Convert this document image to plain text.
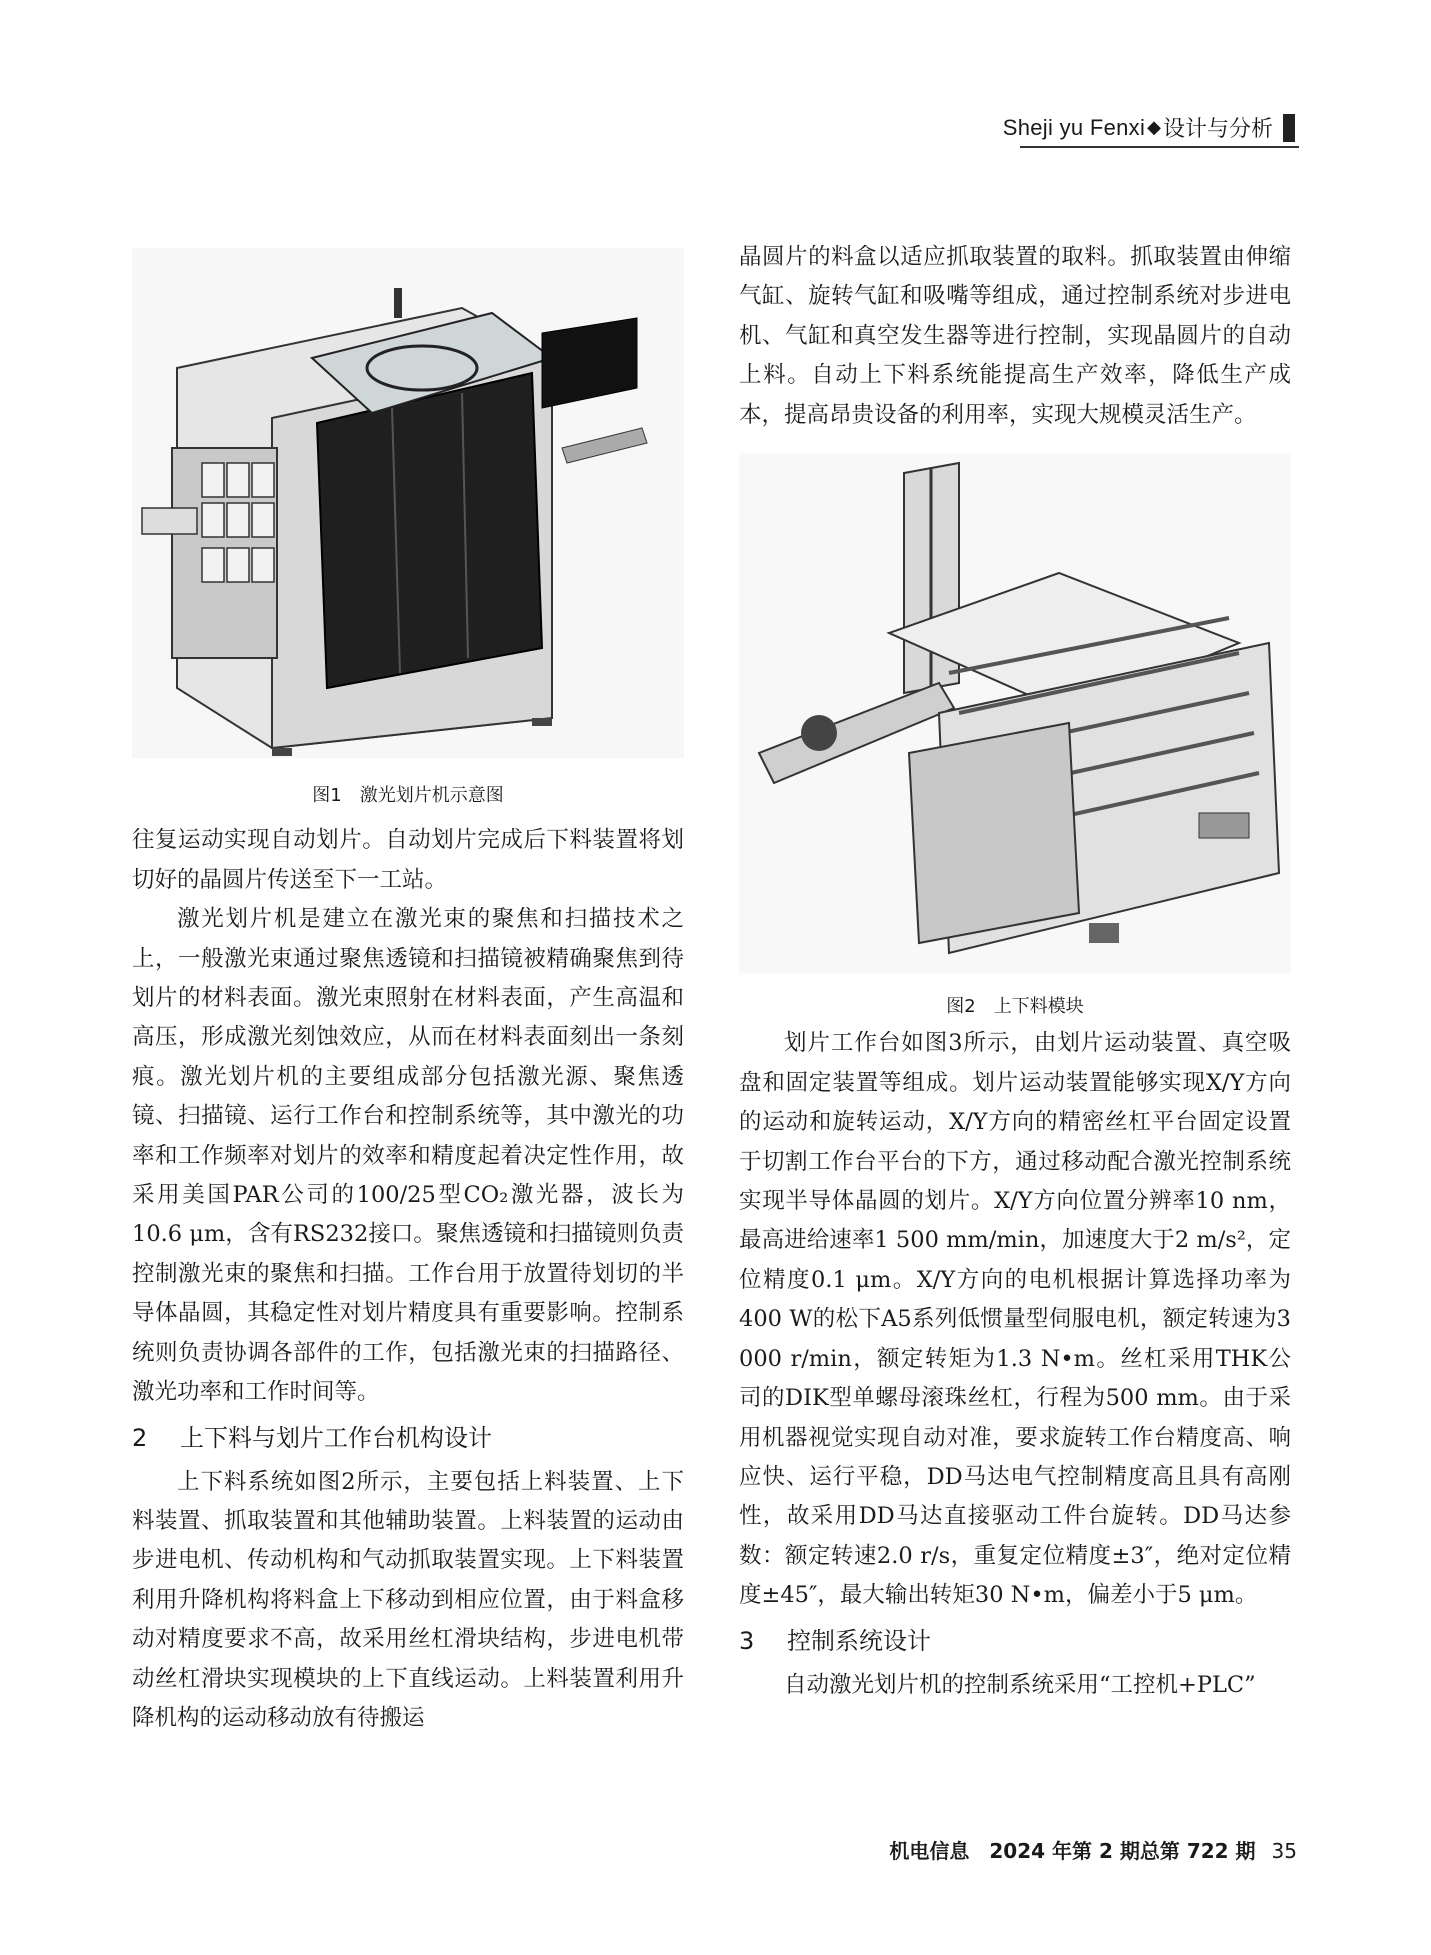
Sheji yu Fenxi ◆ 设计与分析
图1　激光划片机示意图

往复运动实现自动划片。自动划片完成后下料装置将划切好的晶圆片传送至下一工站。

激光划片机是建立在激光束的聚焦和扫描技术之上，一般激光束通过聚焦透镜和扫描镜被精确聚焦到待划片的材料表面。激光束照射在材料表面，产生高温和高压，形成激光刻蚀效应，从而在材料表面刻出一条刻痕。激光划片机的主要组成部分包括激光源、聚焦透镜、扫描镜、运行工作台和控制系统等，其中激光的功率和工作频率对划片的效率和精度起着决定性作用，故采用美国PAR公司的100/25型CO₂激光器，波长为10.6 μm，含有RS232接口。聚焦透镜和扫描镜则负责控制激光束的聚焦和扫描。工作台用于放置待划切的半导体晶圆，其稳定性对划片精度具有重要影响。控制系统则负责协调各部件的工作，包括激光束的扫描路径、激光功率和工作时间等。

2 上下料与划片工作台机构设计

上下料系统如图2所示，主要包括上料装置、上下料装置、抓取装置和其他辅助装置。上料装置的运动由步进电机、传动机构和气动抓取装置实现。上下料装置利用升降机构将料盒上下移动到相应位置，由于料盒移动对精度要求不高，故采用丝杠滑块结构，步进电机带动丝杠滑块实现模块的上下直线运动。上料装置利用升降机构的运动移动放有待搬运

晶圆片的料盒以适应抓取装置的取料。抓取装置由伸缩气缸、旋转气缸和吸嘴等组成，通过控制系统对步进电机、气缸和真空发生器等进行控制，实现晶圆片的自动上料。自动上下料系统能提高生产效率，降低生产成本，提高昂贵设备的利用率，实现大规模灵活生产。

图2　上下料模块

划片工作台如图3所示，由划片运动装置、真空吸盘和固定装置等组成。划片运动装置能够实现X/Y方向的运动和旋转运动，X/Y方向的精密丝杠平台固定设置于切割工作台平台的下方，通过移动配合激光控制系统实现半导体晶圆的划片。X/Y方向位置分辨率10 nm，最高进给速率1 500 mm/min，加速度大于2 m/s²，定位精度0.1 μm。X/Y方向的电机根据计算选择功率为400 W的松下A5系列低惯量型伺服电机，额定转速为3 000 r/min，额定转矩为1.3 N•m。丝杠采用THK公司的DIK型单螺母滚珠丝杠，行程为500 mm。由于采用机器视觉实现自动对准，要求旋转工作台精度高、响应快、运行平稳，DD马达电气控制精度高且具有高刚性，故采用DD马达直接驱动工件台旋转。DD马达参数：额定转速2.0 r/s，重复定位精度±3″，绝对定位精度±45″，最大输出转矩30 N•m，偏差小于5 μm。

3 控制系统设计

自动激光划片机的控制系统采用“工控机+PLC”

机电信息　2024 年第 2 期总第 722 期 35
